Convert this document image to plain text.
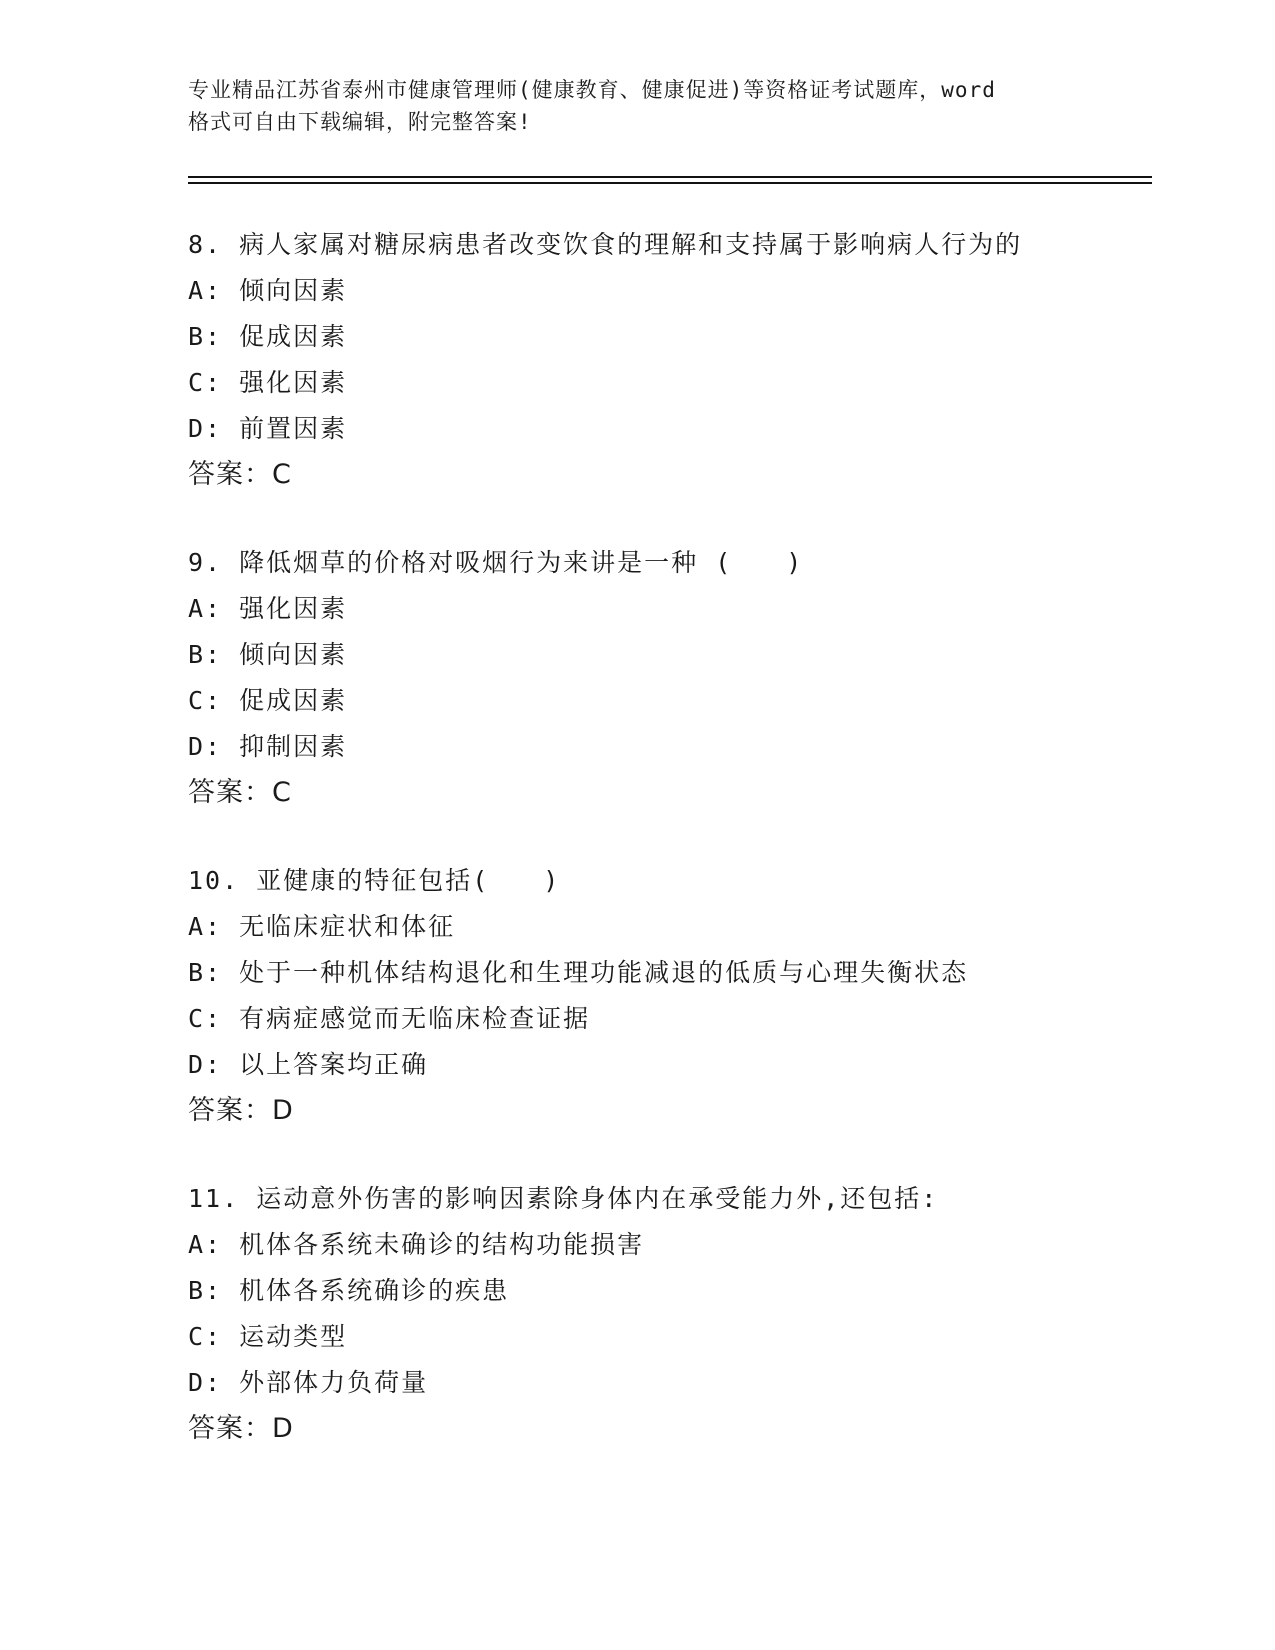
专业精品江苏省泰州市健康管理师(健康教育、健康促进)等资格证考试题库，word
格式可自由下载编辑，附完整答案!
8. 病人家属对糖尿病患者改变饮食的理解和支持属于影响病人行为的
A: 倾向因素
B: 促成因素
C: 强化因素
D: 前置因素
答案：C
9. 降低烟草的价格对吸烟行为来讲是一种 (　　)
A: 强化因素
B: 倾向因素
C: 促成因素
D: 抑制因素
答案：C
10. 亚健康的特征包括(　　)
A: 无临床症状和体征
B: 处于一种机体结构退化和生理功能减退的低质与心理失衡状态
C: 有病症感觉而无临床检查证据
D: 以上答案均正确
答案：D
11. 运动意外伤害的影响因素除身体内在承受能力外,还包括:
A: 机体各系统未确诊的结构功能损害
B: 机体各系统确诊的疾患
C: 运动类型
D: 外部体力负荷量
答案：D
